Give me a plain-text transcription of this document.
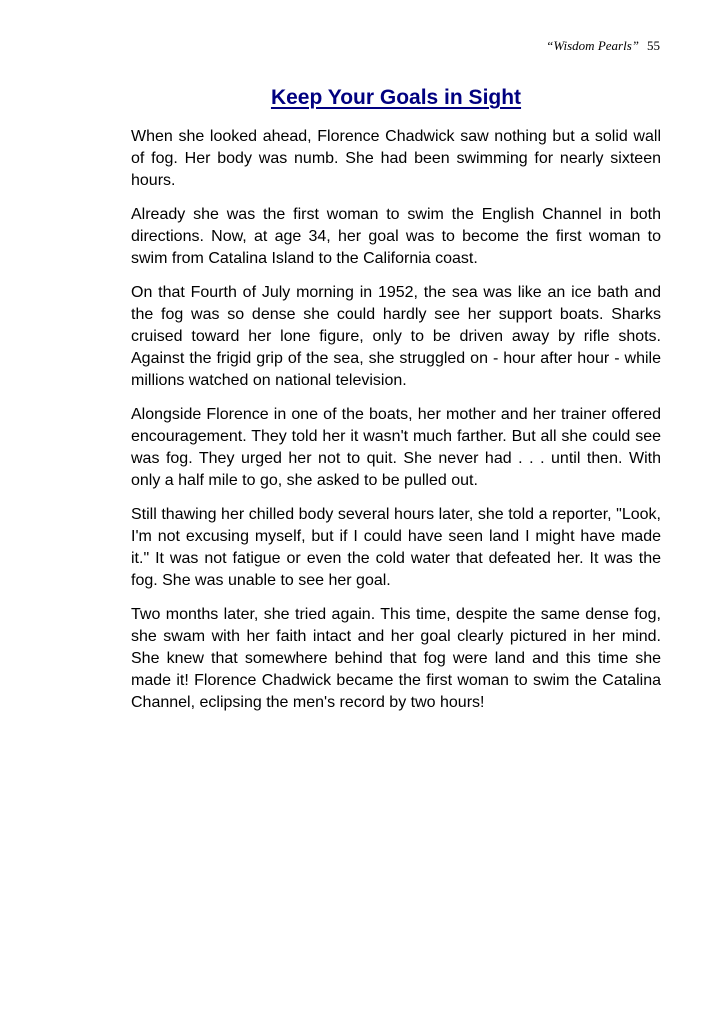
“Wisdom Pearls” 55
Keep Your Goals in Sight

When she looked ahead, Florence Chadwick saw nothing but a solid wall of fog. Her body was numb. She had been swimming for nearly sixteen hours.

Already she was the first woman to swim the English Channel in both directions. Now, at age 34, her goal was to become the first woman to swim from Catalina Island to the California coast.

On that Fourth of July morning in 1952, the sea was like an ice bath and the fog was so dense she could hardly see her support boats. Sharks cruised toward her lone figure, only to be driven away by rifle shots. Against the frigid grip of the sea, she struggled on - hour after hour - while millions watched on national television.

Alongside Florence in one of the boats, her mother and her trainer offered encouragement. They told her it wasn't much farther. But all she could see was fog. They urged her not to quit. She never had . . . until then. With only a half mile to go, she asked to be pulled out.

Still thawing her chilled body several hours later, she told a reporter, "Look, I'm not excusing myself, but if I could have seen land I might have made it." It was not fatigue or even the cold water that defeated her. It was the fog. She was unable to see her goal.

Two months later, she tried again. This time, despite the same dense fog, she swam with her faith intact and her goal clearly pictured in her mind. She knew that somewhere behind that fog were land and this time she made it! Florence Chadwick became the first woman to swim the Catalina Channel, eclipsing the men's record by two hours!
